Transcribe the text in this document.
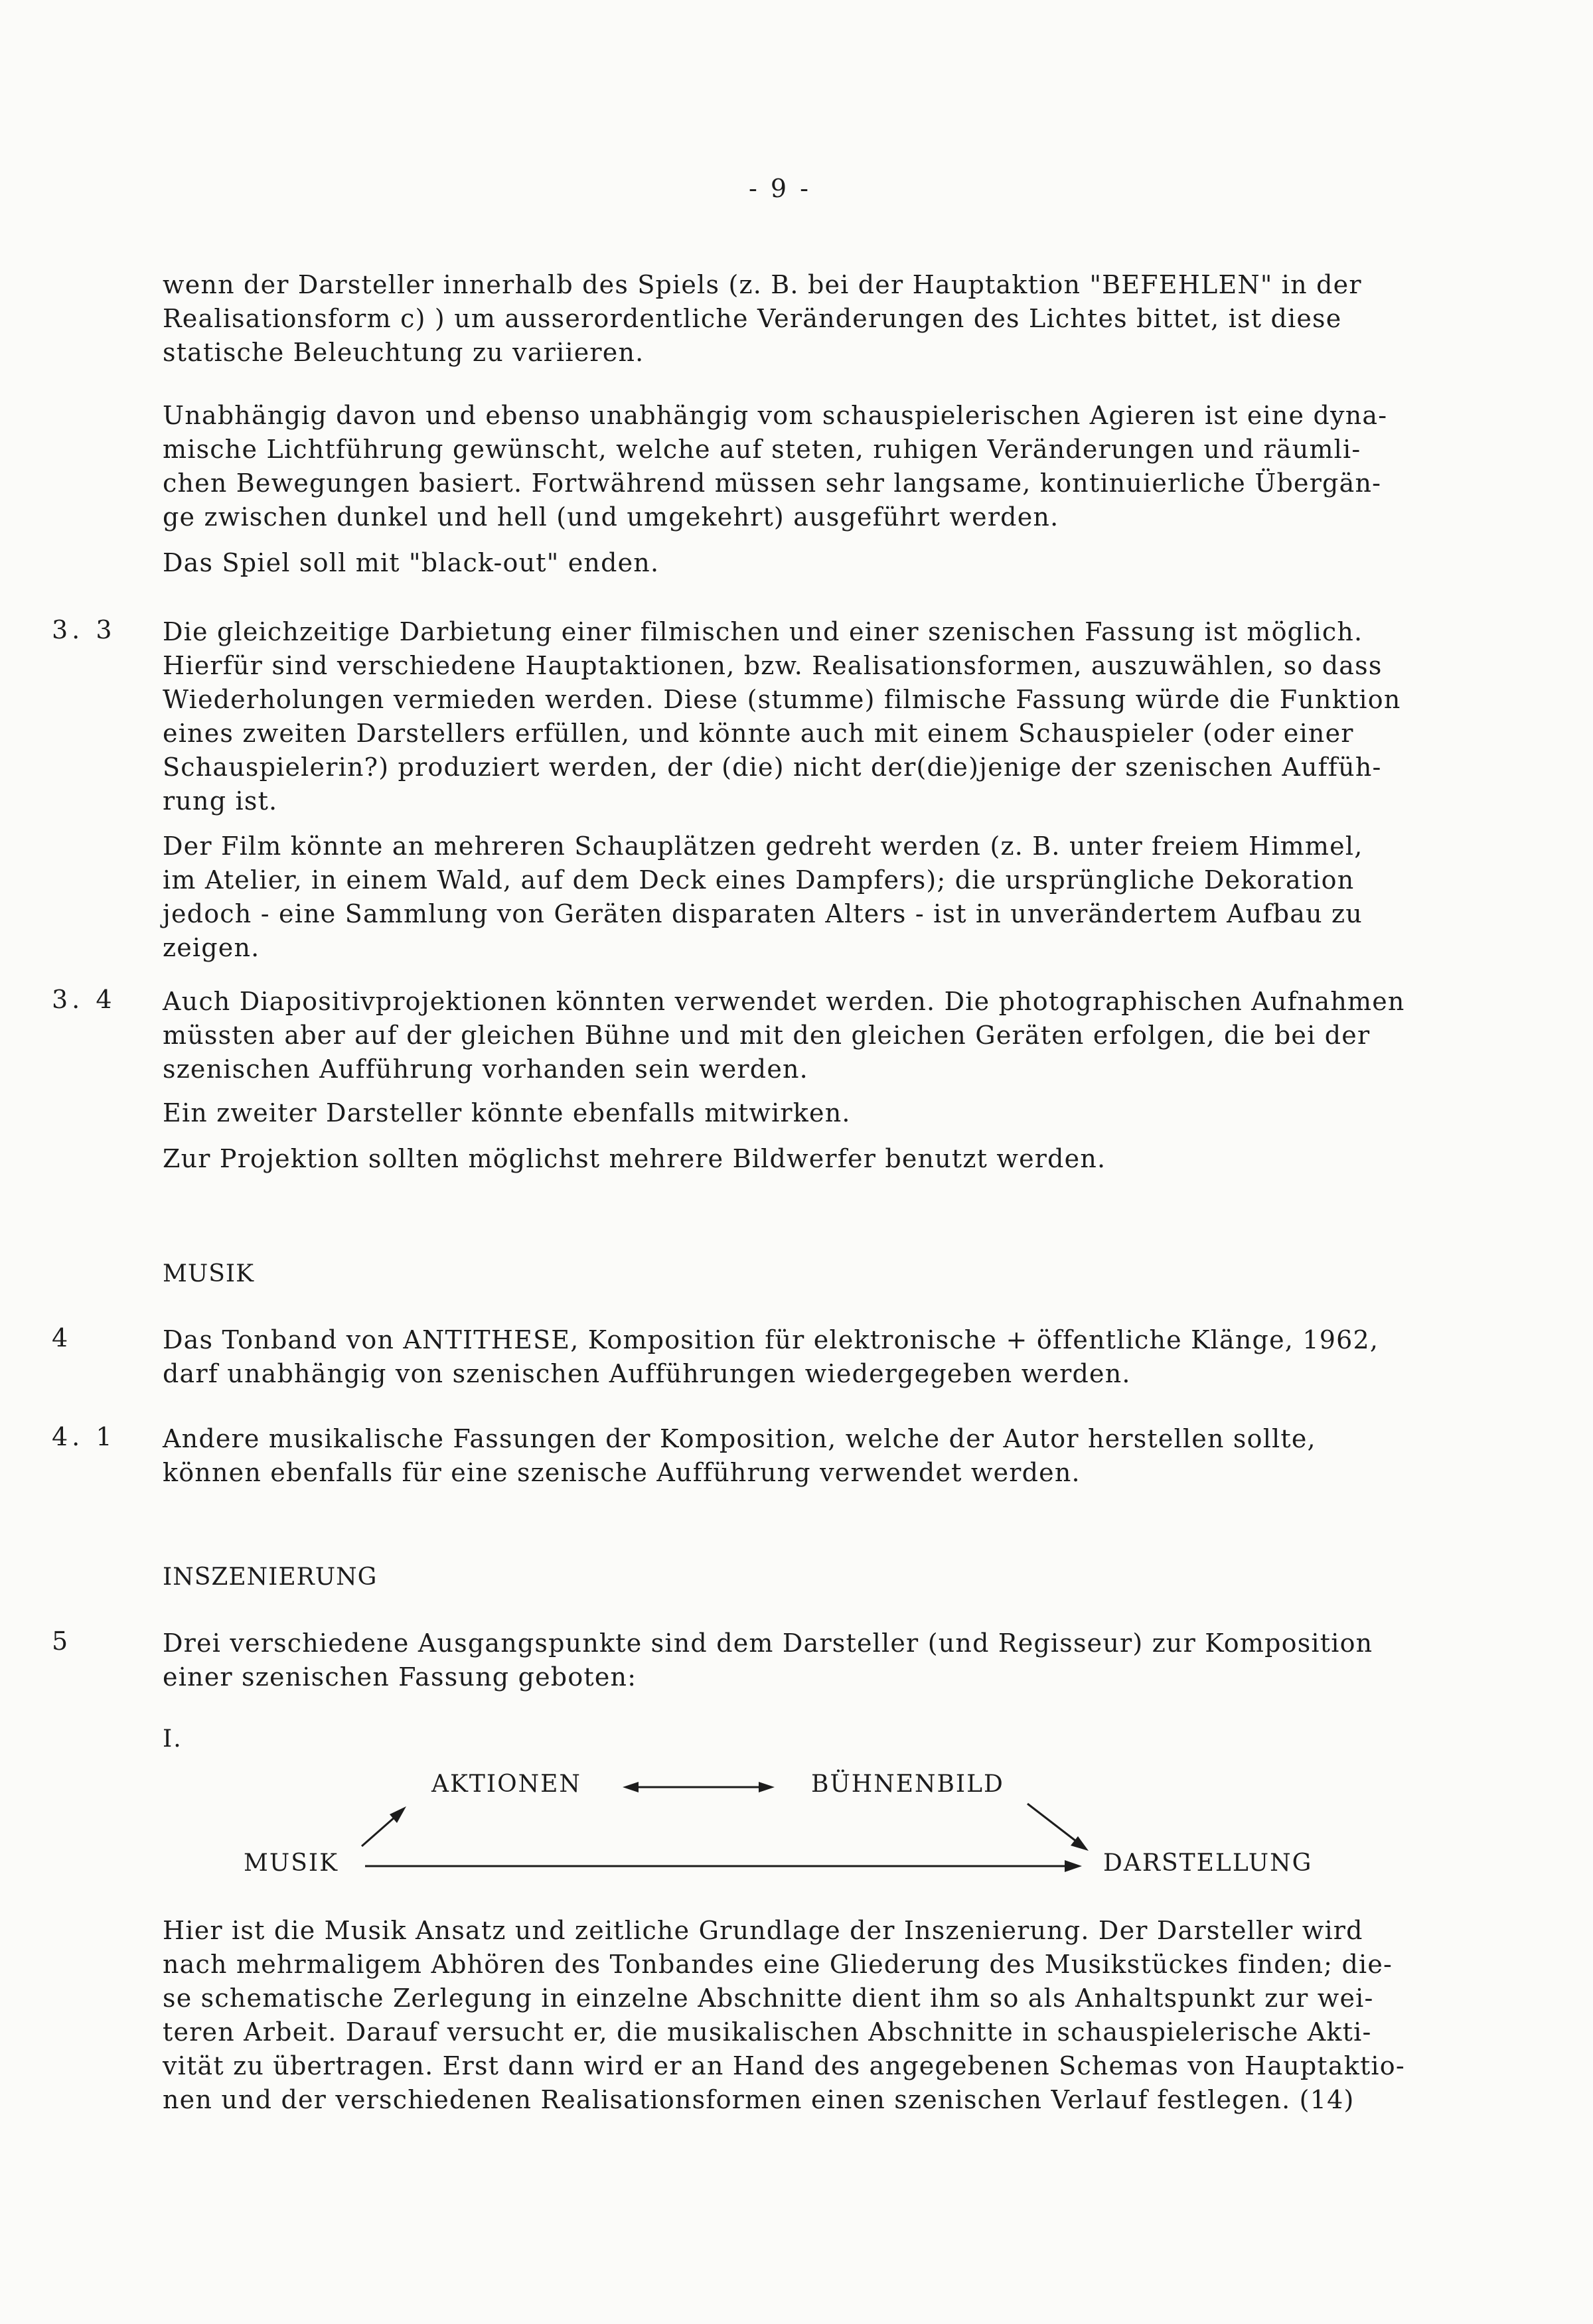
- 9 -
wenn der Darsteller innerhalb des Spiels (z. B. bei der Hauptaktion "BEFEHLEN" in der
Realisationsform c) ) um ausserordentliche Veränderungen des Lichtes bittet, ist diese
statische Beleuchtung zu variieren.
Unabhängig davon und ebenso unabhängig vom schauspielerischen Agieren ist eine dyna-
mische Lichtführung gewünscht, welche auf steten, ruhigen Veränderungen und räumli-
chen Bewegungen basiert. Fortwährend müssen sehr langsame, kontinuierliche Übergän-
ge zwischen dunkel und hell (und umgekehrt) ausgeführt werden.
Das Spiel soll mit "black-out" enden.
3. 3 Die gleichzeitige Darbietung einer filmischen und einer szenischen Fassung ist möglich.
Hierfür sind verschiedene Hauptaktionen, bzw. Realisationsformen, auszuwählen, so dass
Wiederholungen vermieden werden. Diese (stumme) filmische Fassung würde die Funktion
eines zweiten Darstellers erfüllen, und könnte auch mit einem Schauspieler (oder einer
Schauspielerin?) produziert werden, der (die) nicht der(die)jenige der szenischen Auffüh-
rung ist.
Der Film könnte an mehreren Schauplätzen gedreht werden (z. B. unter freiem Himmel,
im Atelier, in einem Wald, auf dem Deck eines Dampfers); die ursprüngliche Dekoration
jedoch - eine Sammlung von Geräten disparaten Alters - ist in unverändertem Aufbau zu
zeigen.
3. 4 Auch Diapositivprojektionen könnten verwendet werden. Die photographischen Aufnahmen
müssten aber auf der gleichen Bühne und mit den gleichen Geräten erfolgen, die bei der
szenischen Aufführung vorhanden sein werden.
Ein zweiter Darsteller könnte ebenfalls mitwirken.
Zur Projektion sollten möglichst mehrere Bildwerfer benutzt werden.
MUSIK
4	Das Tonband von ANTITHESE, Komposition für elektronische + öffentliche Klänge, 1962,
darf unabhängig von szenischen Aufführungen wiedergegeben werden.
4. 1 Andere musikalische Fassungen der Komposition, welche der Autor herstellen sollte,
können ebenfalls für eine szenische Aufführung verwendet werden.
INSZENIERUNG
5	Drei verschiedene Ausgangspunkte sind dem Darsteller (und Regisseur) zur Komposition
einer szenischen Fassung geboten:
I.
AKTIONEN	BÜHNENBILD
MUSIK	DARSTELLUNG
Hier ist die Musik Ansatz und zeitliche Grundlage der Inszenierung. Der Darsteller wird
nach mehrmaligem Abhören des Tonbandes eine Gliederung des Musikstückes finden; die-
se schematische Zerlegung in einzelne Abschnitte dient ihm so als Anhaltspunkt zur wei-
teren Arbeit. Darauf versucht er, die musikalischen Abschnitte in schauspielerische Akti-
vität zu übertragen. Erst dann wird er an Hand des angegebenen Schemas von Hauptaktio-
nen und der verschiedenen Realisationsformen einen szenischen Verlauf festlegen. (14)
